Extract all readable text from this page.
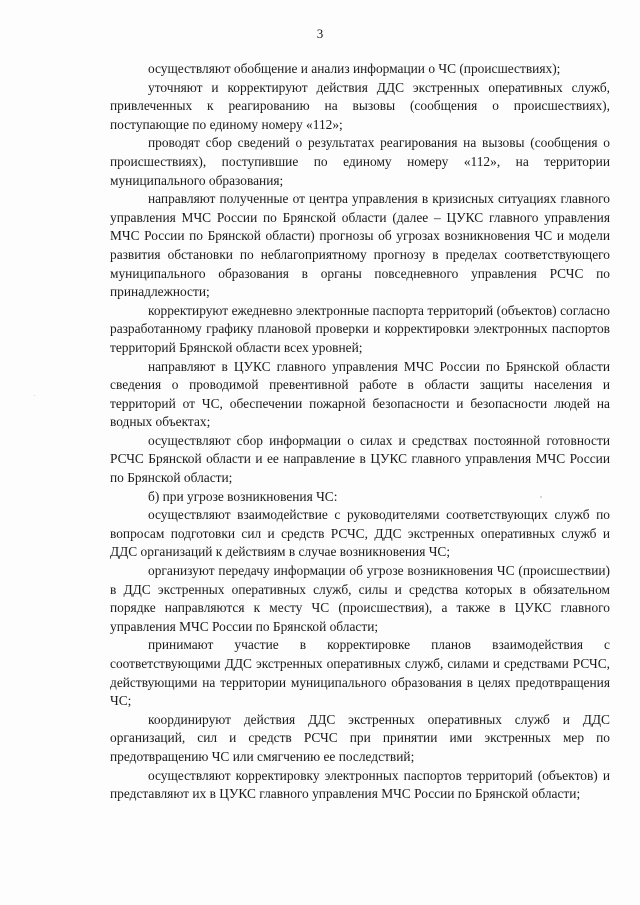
3

осуществляют обобщение и анализ информации о ЧС (происшествиях);

уточняют и корректируют действия ДДС экстренных оперативных служб, привлеченных к реагированию на вызовы (сообщения о происшествиях), поступающие по единому номеру «112»;

проводят сбор сведений о результатах реагирования на вызовы (сообщения о происшествиях), поступившие по единому номеру «112», на территории муниципального образования;

направляют полученные от центра управления в кризисных ситуациях главного управления МЧС России по Брянской области (далее – ЦУКС главного управления МЧС России по Брянской области) прогнозы об угрозах возникновения ЧС и модели развития обстановки по неблагоприятному прогнозу в пределах соответствующего муниципального образования в органы повседневного управления РСЧС по принадлежности;

корректируют ежедневно электронные паспорта территорий (объектов) согласно разработанному графику плановой проверки и корректировки электронных паспортов территорий Брянской области всех уровней;

направляют в ЦУКС главного управления МЧС России по Брянской области сведения о проводимой превентивной работе в области защиты населения и территорий от ЧС, обеспечении пожарной безопасности и безопасности людей на водных объектах;

осуществляют сбор информации о силах и средствах постоянной готовности РСЧС Брянской области и ее направление в ЦУКС главного управления МЧС России по Брянской области;

б) при угрозе возникновения ЧС:

осуществляют взаимодействие с руководителями соответствующих служб по вопросам подготовки сил и средств РСЧС, ДДС экстренных оперативных служб и ДДС организаций к действиям в случае возникновения ЧС;

организуют передачу информации об угрозе возникновения ЧС (происшествии) в ДДС экстренных оперативных служб, силы и средства которых в обязательном порядке направляются к месту ЧС (происшествия), а также в ЦУКС главного управления МЧС России по Брянской области;

принимают участие в корректировке планов взаимодействия с соответствующими ДДС экстренных оперативных служб, силами и средствами РСЧС, действующими на территории муниципального образования в целях предотвращения ЧС;

координируют действия ДДС экстренных оперативных служб и ДДС организаций, сил и средств РСЧС при принятии ими экстренных мер по предотвращению ЧС или смягчению ее последствий;

осуществляют корректировку электронных паспортов территорий (объектов) и представляют их в ЦУКС главного управления МЧС России по Брянской области;
